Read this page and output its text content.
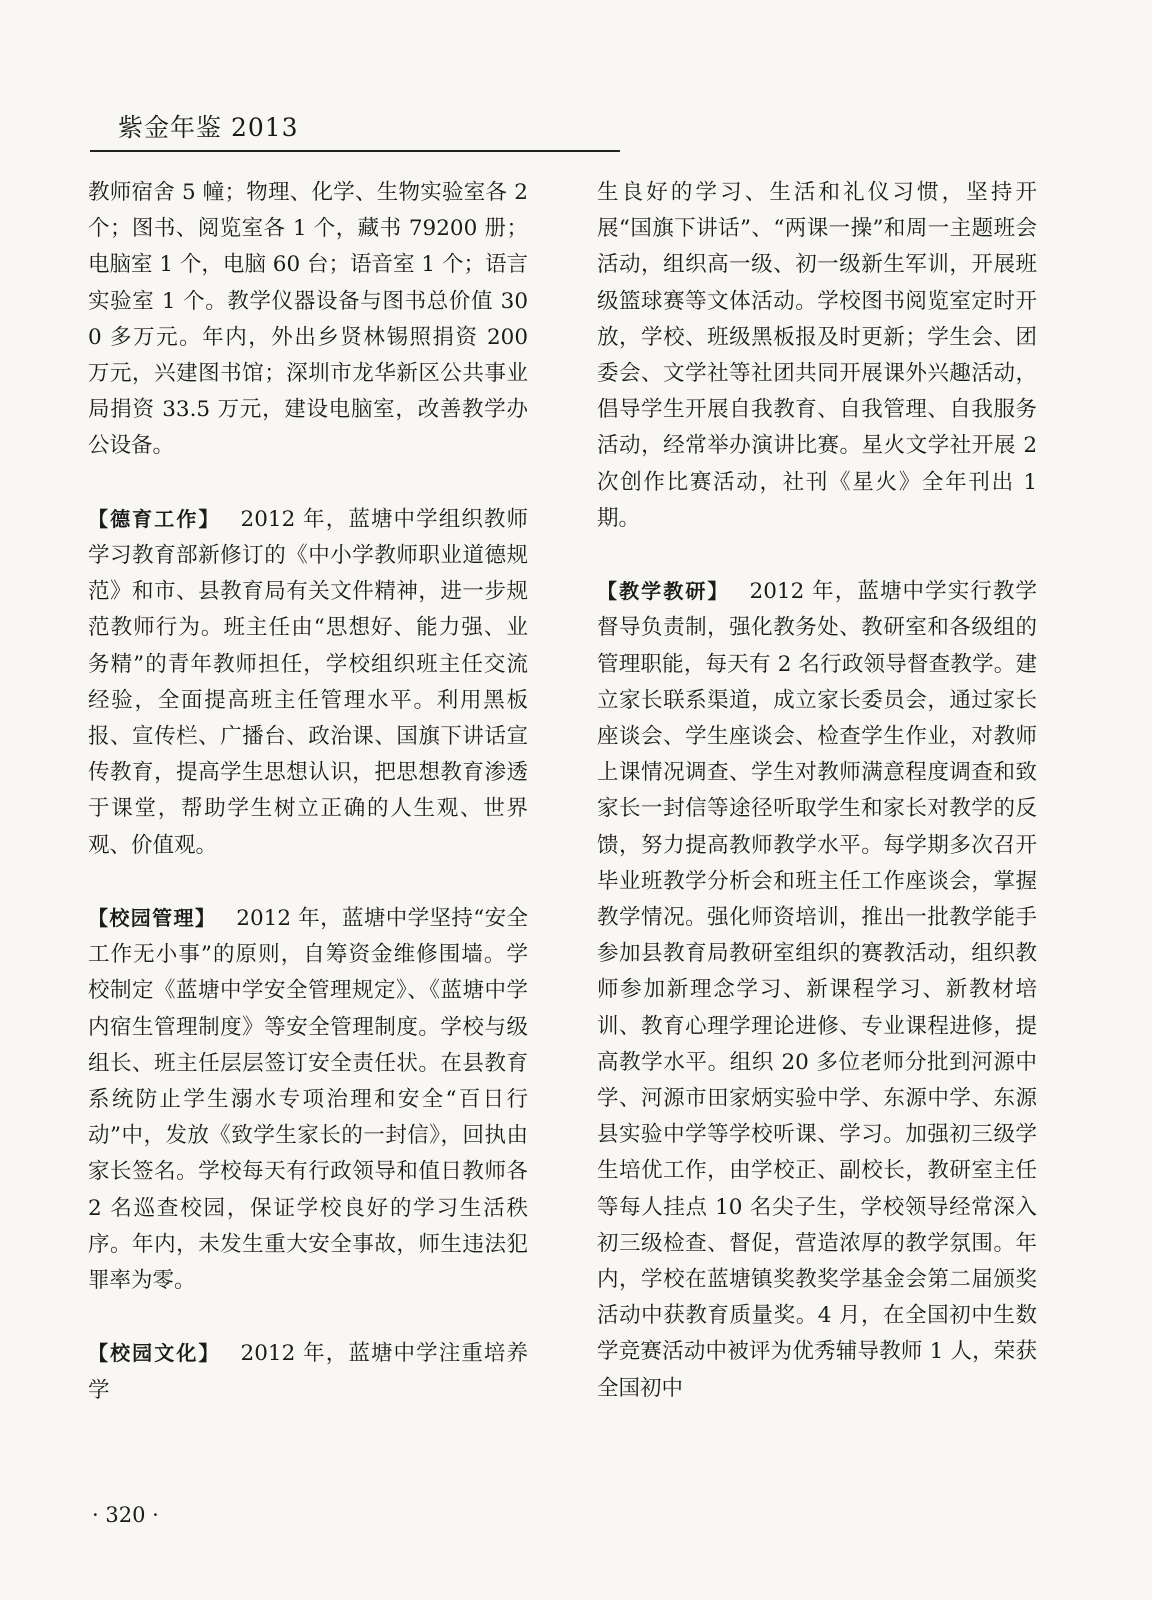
紫金年鉴 2013

教师宿舍 5 幢；物理、化学、生物实验室各 2 个；图书、阅览室各 1 个，藏书 79200 册；电脑室 1 个，电脑 60 台；语音室 1 个；语言实验室 1 个。教学仪器设备与图书总价值 300 多万元。年内，外出乡贤林锡照捐资 200 万元，兴建图书馆；深圳市龙华新区公共事业局捐资 33.5 万元，建设电脑室，改善教学办公设备。

【德育工作】 2012 年，蓝塘中学组织教师学习教育部新修订的《中小学教师职业道德规范》和市、县教育局有关文件精神，进一步规范教师行为。班主任由“思想好、能力强、业务精”的青年教师担任，学校组织班主任交流经验，全面提高班主任管理水平。利用黑板报、宣传栏、广播台、政治课、国旗下讲话宣传教育，提高学生思想认识，把思想教育渗透于课堂，帮助学生树立正确的人生观、世界观、价值观。

【校园管理】 2012 年，蓝塘中学坚持“安全工作无小事”的原则，自筹资金维修围墙。学校制定《蓝塘中学安全管理规定》、《蓝塘中学内宿生管理制度》等安全管理制度。学校与级组长、班主任层层签订安全责任状。在县教育系统防止学生溺水专项治理和安全“百日行动”中，发放《致学生家长的一封信》，回执由家长签名。学校每天有行政领导和值日教师各 2 名巡查校园，保证学校良好的学习生活秩序。年内，未发生重大安全事故，师生违法犯罪率为零。

【校园文化】 2012 年，蓝塘中学注重培养学

生良好的学习、生活和礼仪习惯，坚持开展“国旗下讲话”、“两课一操”和周一主题班会活动，组织高一级、初一级新生军训，开展班级篮球赛等文体活动。学校图书阅览室定时开放，学校、班级黑板报及时更新；学生会、团委会、文学社等社团共同开展课外兴趣活动，倡导学生开展自我教育、自我管理、自我服务活动，经常举办演讲比赛。星火文学社开展 2 次创作比赛活动，社刊《星火》全年刊出 1 期。

【教学教研】 2012 年，蓝塘中学实行教学督导负责制，强化教务处、教研室和各级组的管理职能，每天有 2 名行政领导督查教学。建立家长联系渠道，成立家长委员会，通过家长座谈会、学生座谈会、检查学生作业，对教师上课情况调查、学生对教师满意程度调查和致家长一封信等途径听取学生和家长对教学的反馈，努力提高教师教学水平。每学期多次召开毕业班教学分析会和班主任工作座谈会，掌握教学情况。强化师资培训，推出一批教学能手参加县教育局教研室组织的赛教活动，组织教师参加新理念学习、新课程学习、新教材培训、教育心理学理论进修、专业课程进修，提高教学水平。组织 20 多位老师分批到河源中学、河源市田家炳实验中学、东源中学、东源县实验中学等学校听课、学习。加强初三级学生培优工作，由学校正、副校长，教研室主任等每人挂点 10 名尖子生，学校领导经常深入初三级检查、督促，营造浓厚的教学氛围。年内，学校在蓝塘镇奖教奖学基金会第二届颁奖活动中获教育质量奖。4 月，在全国初中生数学竞赛活动中被评为优秀辅导教师 1 人，荣获全国初中

· 320 ·
